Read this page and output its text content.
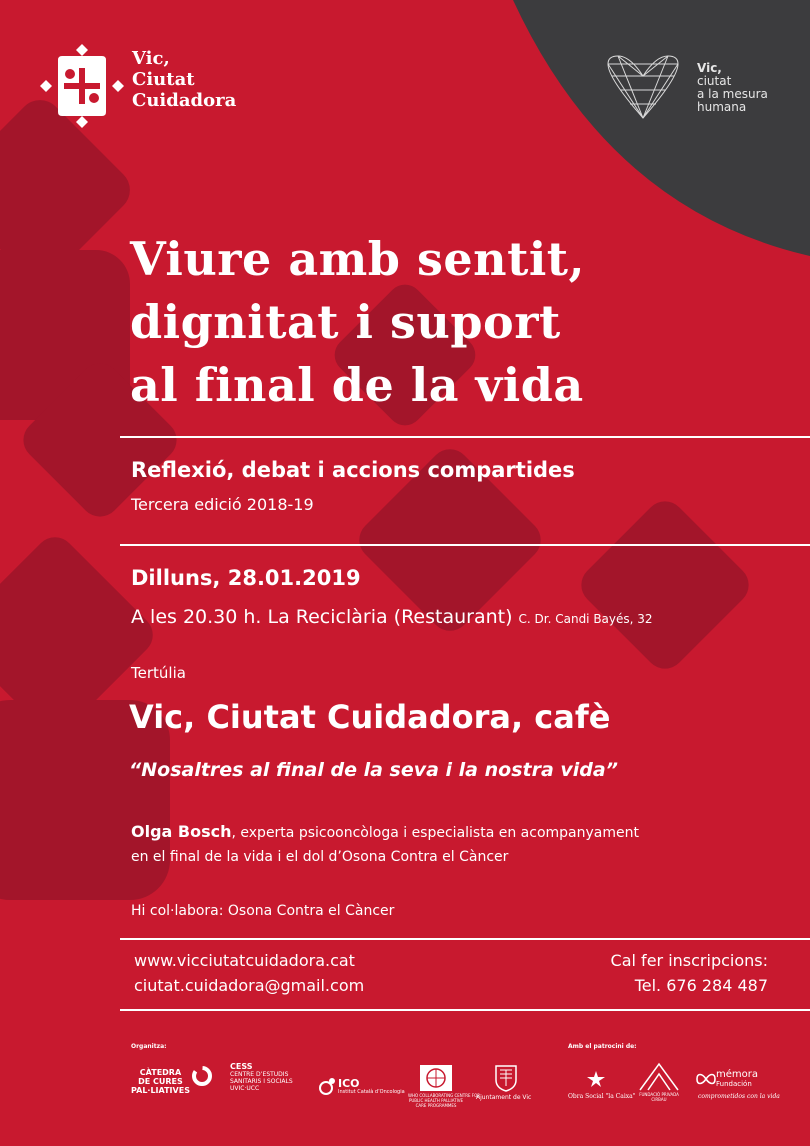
Vic,
Ciutat
Cuidadora
Vic,
ciutat
a la mesura
humana
Viure amb sentit,
dignitat i suport
al final de la vida
Reflexió, debat i accions compartides
Tercera edició 2018-19
Dilluns, 28.01.2019
A les 20.30 h. La Reciclària (Restaurant) C. Dr. Candi Bayés, 32
Tertúlia
Vic, Ciutat Cuidadora, cafè
“Nosaltres al final de la seva i la nostra vida”
Olga Bosch, experta psicooncòloga i especialista en acompanyament
en el final de la vida i el dol d’Osona Contra el Càncer
Hi col·labora: Osona Contra el Càncer
www.vicciutatcuidadora.cat
ciutat.cuidadora@gmail.com
Cal fer inscripcions:
Tel. 676 284 487
Organitza:	Amb el patrocini de:
CÀTEDRA
DE CURES
PAL·LIATIVES
CESS
CENTRE D’ESTUDIS
SANITARIS I SOCIALS
UVIC·UCC	ICO
Institut Català d’Oncologia
WHO COLLABORATING CENTRE FOR
PUBLIC HEALTH PALLIATIVE
CARE PROGRAMMES
Ajuntament de Vic	Obra Social "la Caixa" FUNDACIÓ PRIVADA
CIRBAU
mémora
Fundación
comprometidos con la vida
